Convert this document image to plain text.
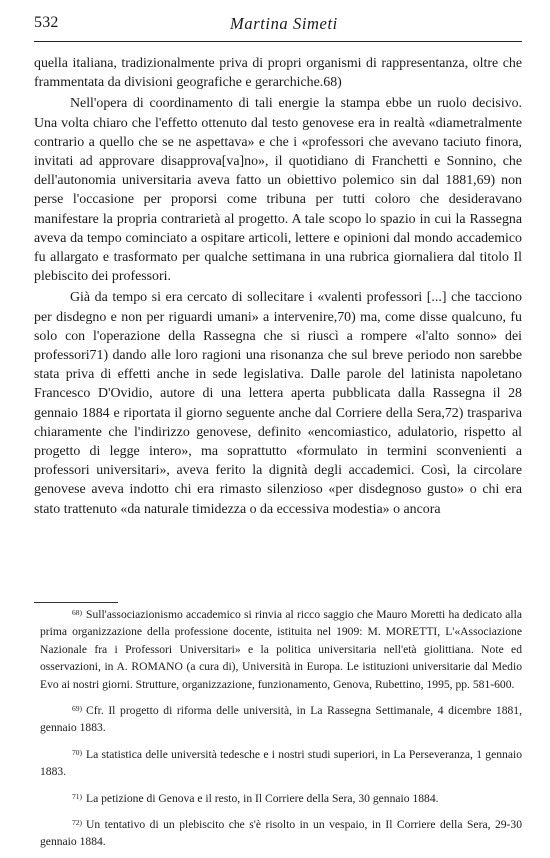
532	Martina Simeti

quella italiana, tradizionalmente priva di propri organismi di rappresentanza, oltre che frammentata da divisioni geografiche e gerarchiche.68)

Nell'opera di coordinamento di tali energie la stampa ebbe un ruolo decisivo. Una volta chiaro che l'effetto ottenuto dal testo genovese era in realtà «diametralmente contrario a quello che se ne aspettava» e che i «professori che avevano taciuto finora, invitati ad approvare disapprova[va]no», il quotidiano di Franchetti e Sonnino, che dell'autonomia universitaria aveva fatto un obiettivo polemico sin dal 1881,69) non perse l'occasione per proporsi come tribuna per tutti coloro che desideravano manifestare la propria contrarietà al progetto. A tale scopo lo spazio in cui la Rassegna aveva da tempo cominciato a ospitare articoli, lettere e opinioni dal mondo accademico fu allargato e trasformato per qualche settimana in una rubrica giornaliera dal titolo Il plebiscito dei professori.

Già da tempo si era cercato di sollecitare i «valenti professori [...] che tacciono per disdegno e non per riguardi umani» a intervenire,70) ma, come disse qualcuno, fu solo con l'operazione della Rassegna che si riuscì a rompere «l'alto sonno» dei professori71) dando alle loro ragioni una risonanza che sul breve periodo non sarebbe stata priva di effetti anche in sede legislativa. Dalle parole del latinista napoletano Francesco D'Ovidio, autore di una lettera aperta pubblicata dalla Rassegna il 28 gennaio 1884 e riportata il giorno seguente anche dal Corriere della Sera,72) traspariva chiaramente che l'indirizzo genovese, definito «encomiastico, adulatorio, rispetto al progetto di legge intero», ma soprattutto «formulato in termini sconvenienti a professori universitari», aveva ferito la dignità degli accademici. Così, la circolare genovese aveva indotto chi era rimasto silenzioso «per disdegnoso gusto» o chi era stato trattenuto «da naturale timidezza o da eccessiva modestia» o ancora

$^{68)}$ Sull'associazionismo accademico si rinvia al ricco saggio che Mauro Moretti ha dedicato alla prima organizzazione della professione docente, istituita nel 1909: M. MORETTI, L'«Associazione Nazionale fra i Professori Universitari» e la politica universitaria nell'età giolittiana. Note ed osservazioni, in A. ROMANO (a cura di), Università in Europa. Le istituzioni universitarie dal Medio Evo ai nostri giorni. Strutture, organizzazione, funzionamento, Genova, Rubettino, 1995, pp. 581-600.

$^{69)}$ Cfr. Il progetto di riforma delle università, in La Rassegna Settimanale, 4 dicembre 1881, gennaio 1883.

$^{70)}$ La statistica delle università tedesche e i nostri studi superiori, in La Perseveranza, 1 gennaio 1883.

$^{71)}$ La petizione di Genova e il resto, in Il Corriere della Sera, 30 gennaio 1884.

$^{72)}$ Un tentativo di un plebiscito che s'è risolto in un vespaio, in Il Corriere della Sera, 29-30 gennaio 1884.
